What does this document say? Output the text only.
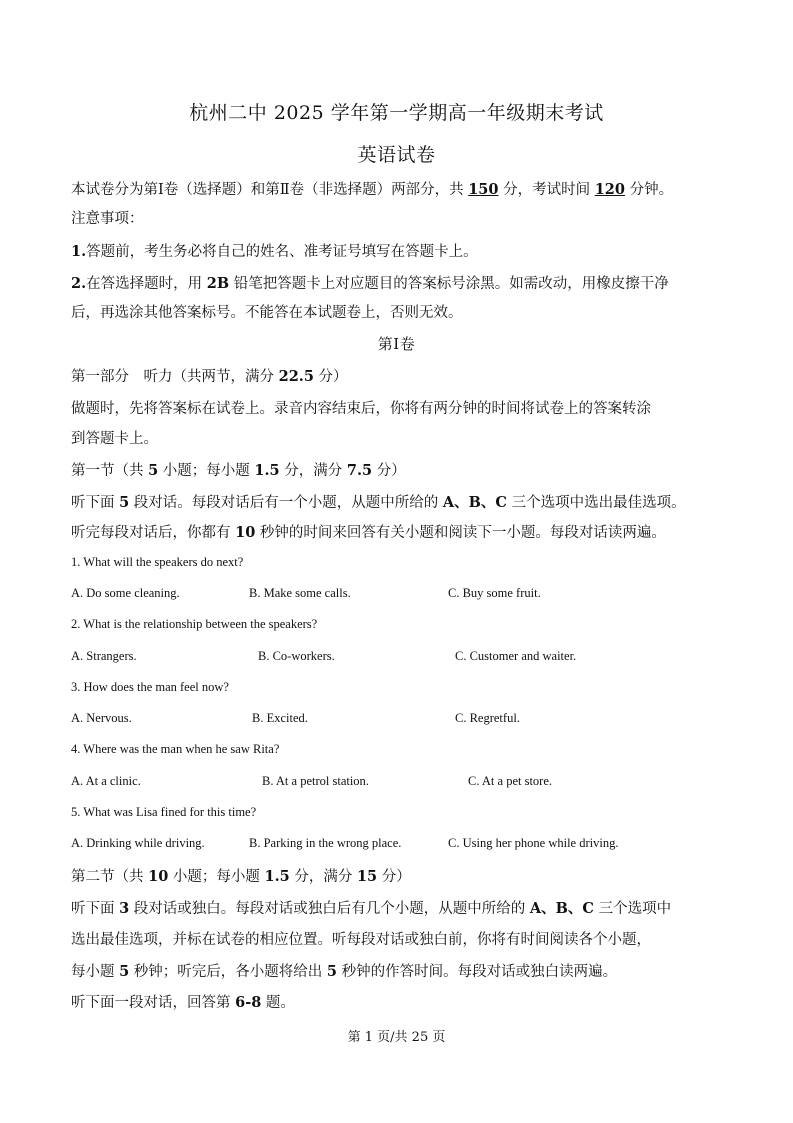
杭州二中 2025 学年第一学期高一年级期末考试
英语试卷
本试卷分为第Ⅰ卷（选择题）和第Ⅱ卷（非选择题）两部分，共 150 分，考试时间 120 分钟。
注意事项：
1.答题前，考生务必将自己的姓名、准考证号填写在答题卡上。
2.在答选择题时，用 2B 铅笔把答题卡上对应题目的答案标号涂黑。如需改动，用橡皮擦干净
后，再选涂其他答案标号。不能答在本试题卷上，否则无效。
第Ⅰ卷
第一部分　听力（共两节，满分 22.5 分）
做题时，先将答案标在试卷上。录音内容结束后，你将有两分钟的时间将试卷上的答案转涂
到答题卡上。
第一节（共 5 小题；每小题 1.5 分，满分 7.5 分）
听下面 5 段对话。每段对话后有一个小题，从题中所给的 A、B、C 三个选项中选出最佳选项。
听完每段对话后，你都有 10 秒钟的时间来回答有关小题和阅读下一小题。每段对话读两遍。
1. What will the speakers do next?
A. Do some cleaning.	B. Make some calls.	C. Buy some fruit.
2. What is the relationship between the speakers?
A. Strangers.	B. Co-workers.	C. Customer and waiter.
3. How does the man feel now?
A. Nervous.	B. Excited.	C. Regretful.
4. Where was the man when he saw Rita?
A. At a clinic.	B. At a petrol station.	C. At a pet store.
5. What was Lisa fined for this time?
A. Drinking while driving.	B. Parking in the wrong place.	C. Using her phone while driving.
第二节（共 10 小题；每小题 1.5 分，满分 15 分）
听下面 3 段对话或独白。每段对话或独白后有几个小题，从题中所给的 A、B、C 三个选项中
选出最佳选项，并标在试卷的相应位置。听每段对话或独白前，你将有时间阅读各个小题，
每小题 5 秒钟；听完后，各小题将给出 5 秒钟的作答时间。每段对话或独白读两遍。
听下面一段对话，回答第 6-8 题。
第 1 页/共 25 页
